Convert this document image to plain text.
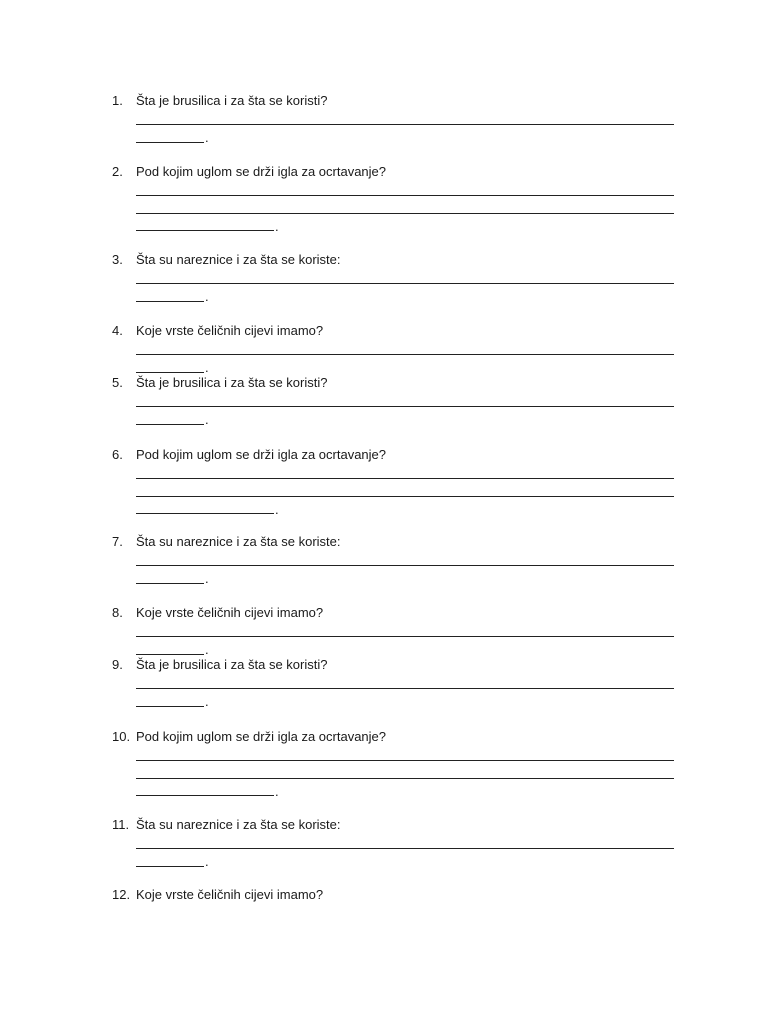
1. Šta je brusilica i za šta se koristi?
.
2. Pod kojim uglom se drži igla za ocrtavanje?
.
3. Šta su nareznice i za šta se koriste:
.
4. Koje vrste čeličnih cijevi imamo?
.
5. Šta je brusilica i za šta se koristi?
.
6. Pod kojim uglom se drži igla za ocrtavanje?
.
7. Šta su nareznice i za šta se koriste:
.
8. Koje vrste čeličnih cijevi imamo?
.
9. Šta je brusilica i za šta se koristi?
.
10. Pod kojim uglom se drži igla za ocrtavanje?
.
11. Šta su nareznice i za šta se koriste:
.
12. Koje vrste čeličnih cijevi imamo?
